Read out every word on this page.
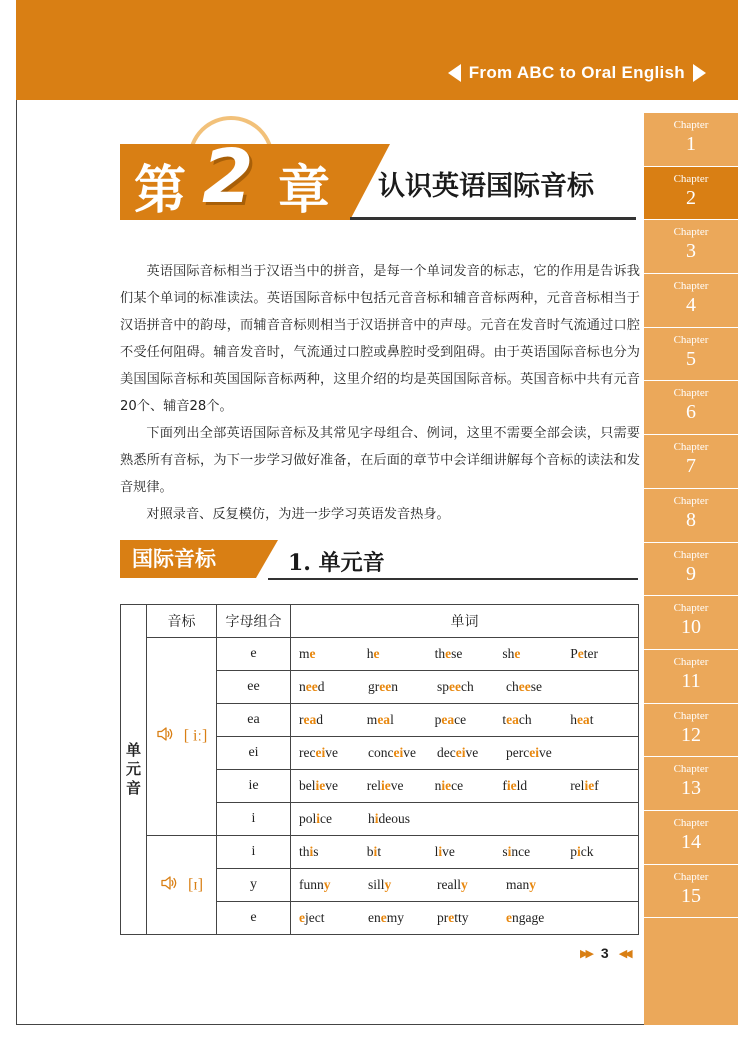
From ABC to Oral English
Chapter
1
Chapter
2
Chapter
3
Chapter
4
Chapter
5
Chapter
6
Chapter
7
Chapter
8
Chapter
9
Chapter
10
Chapter
11
Chapter
12
Chapter
13
Chapter
14
Chapter
15
第 2 章 认识英语国际音标

英语国际音标相当于汉语当中的拼音，是每一个单词发音的标志，它的作用是告诉我们某个单词的标准读法。英语国际音标中包括元音音标和辅音音标两种，元音音标相当于汉语拼音中的韵母，而辅音音标则相当于汉语拼音中的声母。元音在发音时气流通过口腔不受任何阻碍。辅音发音时，气流通过口腔或鼻腔时受到阻碍。由于英语国际音标也分为美国国际音标和英国国际音标两种，这里介绍的均是英国国际音标。英国音标中共有元音20个、辅音28个。

下面列出全部英语国际音标及其常见字母组合、例词，这里不需要全部会读，只需要熟悉所有音标，为下一步学习做好准备，在后面的章节中会详细讲解每个音标的读法和发音规律。

对照录音、反复模仿，为进一步学习英语发音热身。

国际音标	1. 单元音
单
元
音	音标	字母组合	单词
	[ iː]	e	me he these she Peter

		ee	need green speech cheese

		ea	read meal peace teach heat

		ei	receive conceive deceive perceive

		ie	believe relieve niece field relief

		i	police hideous

	[ɪ]	i	this bit live since pick

		y	funny silly really many

		e	eject enemy pretty engage
▶▶ 3 ◀◀
